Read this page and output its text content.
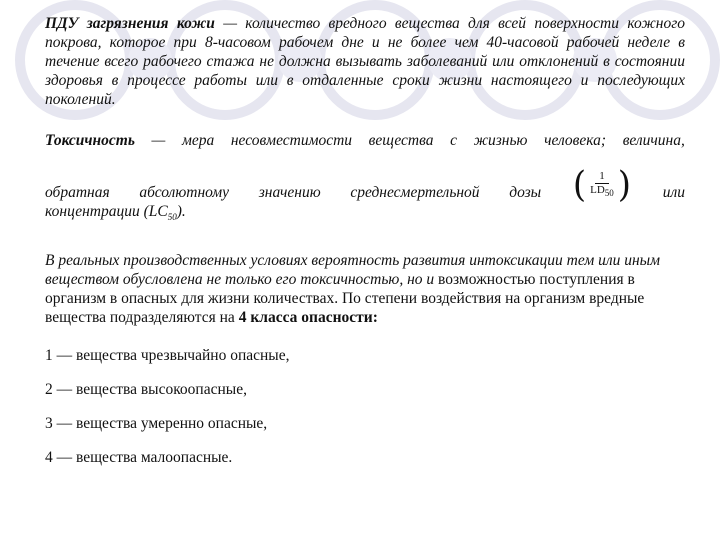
ПДУ загрязнения кожи — количество вредного вещества для всей поверхности кожного покрова, которое при 8-часовом рабочем дне и не более чем 40-часовой рабочей неделе в течение всего рабочего стажа не должна вызывать заболеваний или отклонений в состоянии здоровья в процессе работы или в отдаленные сроки жизни настоящего и последующих поколений.

Токсичность — мера несовместимости вещества с жизнью человека; величина,
обратная абсолютному значению среднесмертельной дозы ( $\frac{1}{LD_{50}}$ ) или
концентрации $(LC_{50})$.

В реальных производственных условиях вероятность развития интоксикации тем или иным веществом обусловлена не только его токсичностью, но и возможностью поступления в организм в опасных для жизни количествах. По степени воздействия на организм вредные вещества подразделяются на 4 класса опасности:

1 — вещества чрезвычайно опасные,
2 — вещества высокоопасные,
3 — вещества умеренно опасные,
4 — вещества малоопасные.
